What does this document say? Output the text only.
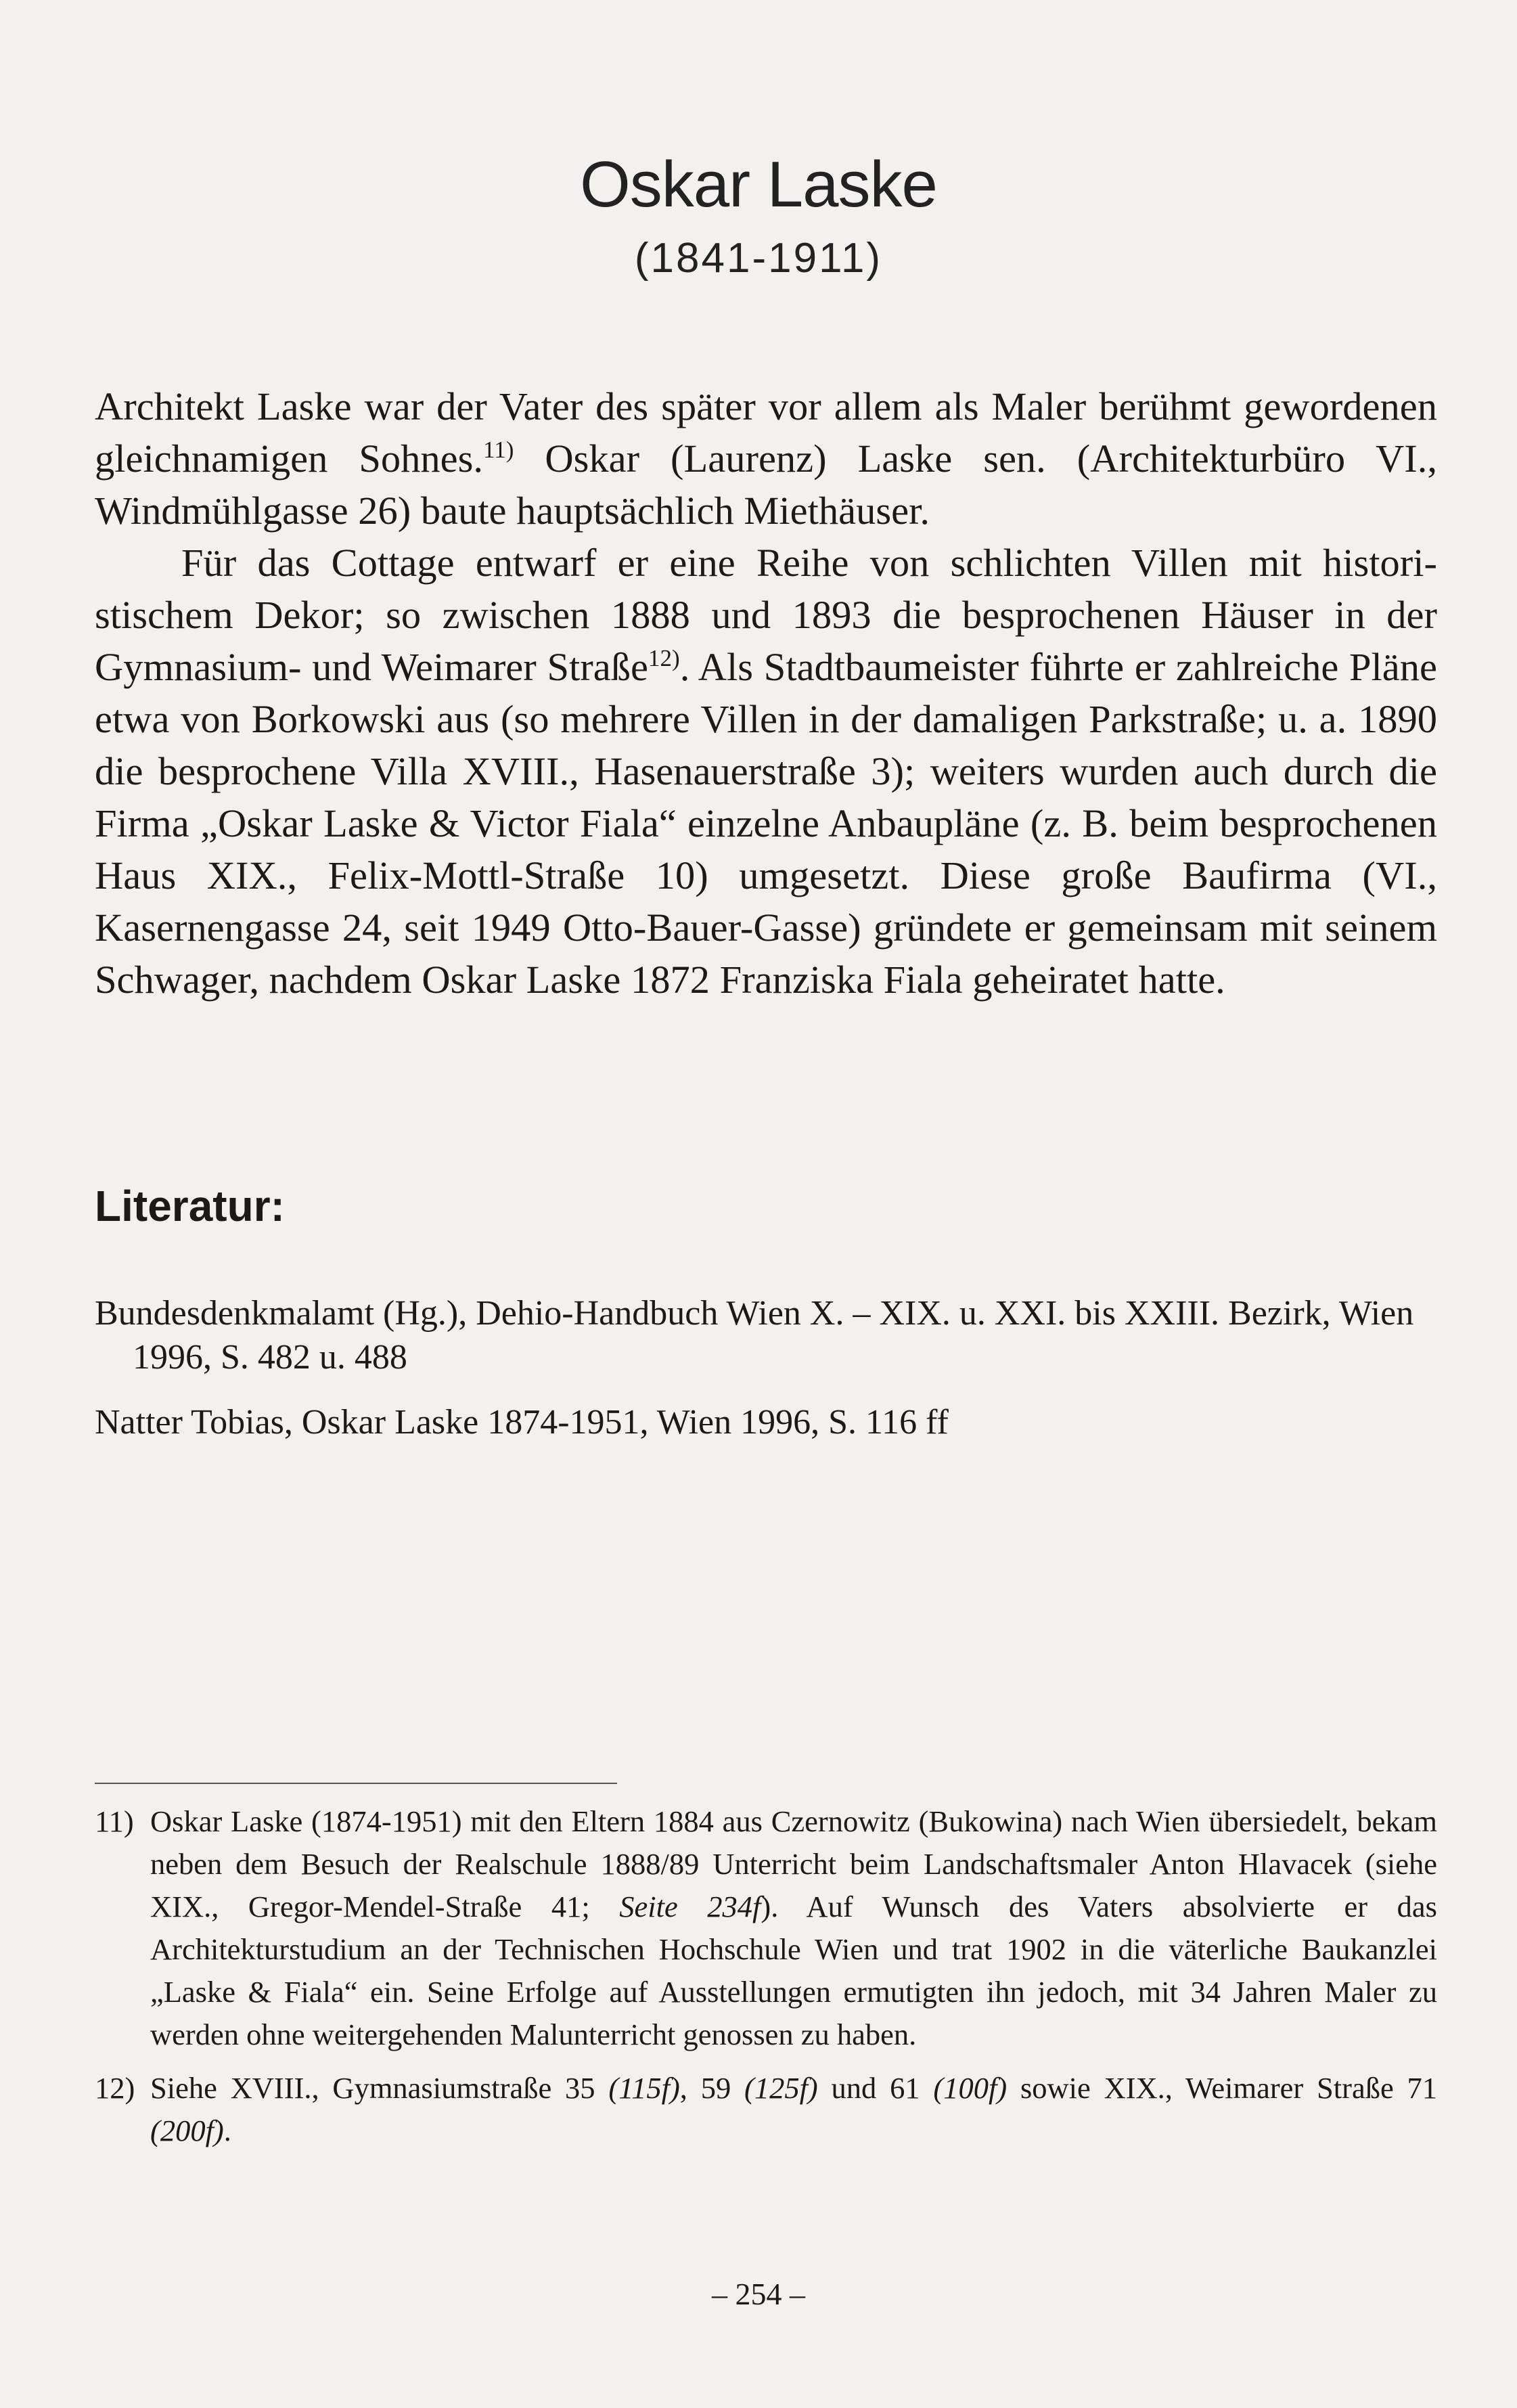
Oskar Laske
(1841-1911)

Architekt Laske war der Vater des später vor allem als Maler berühmt gewordenen gleichnamigen Sohnes.$^{11)}$ Oskar (Laurenz) Laske sen. (Architekturbüro VI., Windmühlgasse 26) baute hauptsächlich Miethäuser.

Für das Cottage entwarf er eine Reihe von schlichten Villen mit historistischem Dekor; so zwischen 1888 und 1893 die besprochenen Häuser in der Gymnasium- und Weimarer Straße$^{12)}$. Als Stadtbaumeister führte er zahlreiche Pläne etwa von Borkowski aus (so mehrere Villen in der damaligen Parkstraße; u. a. 1890 die besprochene Villa XVIII., Hasenauerstraße 3); weiters wurden auch durch die Firma „Oskar Laske & Victor Fiala“ einzelne Anbaupläne (z. B. beim besprochenen Haus XIX., Felix-Mottl-Straße 10) umgesetzt. Diese große Baufirma (VI., Kasernengasse 24, seit 1949 Otto-Bauer-Gasse) gründete er gemeinsam mit seinem Schwager, nachdem Oskar Laske 1872 Franziska Fiala geheiratet hatte.

Literatur:

Bundesdenkmalamt (Hg.), Dehio-Handbuch Wien X. – XIX. u. XXI. bis XXIII. Bezirk, Wien 1996, S. 482 u. 488

Natter Tobias, Oskar Laske 1874-1951, Wien 1996, S. 116 ff

11) Oskar Laske (1874-1951) mit den Eltern 1884 aus Czernowitz (Bukowina) nach Wien übersiedelt, bekam neben dem Besuch der Realschule 1888/89 Unterricht beim Landschaftsmaler Anton Hlavacek (siehe XIX., Gregor-Mendel-Straße 41; Seite 234f). Auf Wunsch des Vaters absolvierte er das Architekturstudium an der Technischen Hochschule Wien und trat 1902 in die väterliche Baukanzlei „Laske & Fiala“ ein. Seine Erfolge auf Ausstellungen ermutigten ihn jedoch, mit 34 Jahren Maler zu werden ohne weitergehenden Malunterricht genossen zu haben.
12) Siehe XVIII., Gymnasiumstraße 35 (115f), 59 (125f) und 61 (100f) sowie XIX., Weimarer Straße 71 (200f).
– 254 –
